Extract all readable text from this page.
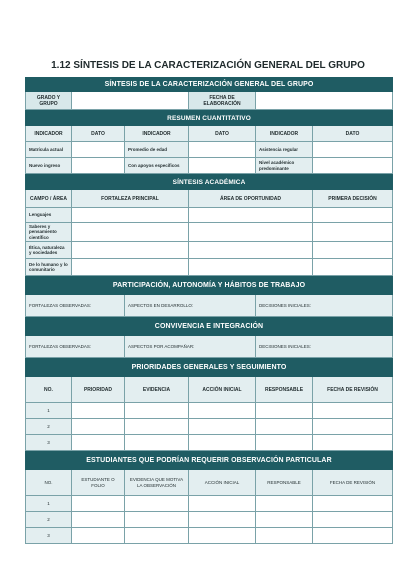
1.12 SÍNTESIS DE LA CARACTERIZACIÓN GENERAL DEL GRUPO
SÍNTESIS DE LA CARACTERIZACIÓN GENERAL DEL GRUPO
GRADO Y GRUPO		FECHA DE ELABORACIÓN	
RESUMEN CUANTITATIVO					
INDICADOR	DATO	INDICADOR	DATO	INDICADOR	DATO
Matrícula actual		Promedio de edad		Asistencia regular	
Nuevo ingreso		Con apoyos específicos		Nivel académico predominante	
SÍNTESIS ACADÉMICA			
CAMPO / ÁREA	FORTALEZA PRINCIPAL	ÁREA DE OPORTUNIDAD	PRIMERA DECISIÓN
Lenguajes			
Saberes y pensamiento científico			
Ética, naturaleza y sociedades			
De lo humano y lo comunitario			
PARTICIPACIÓN, AUTONOMÍA Y HÁBITOS DE TRABAJO
FORTALEZAS OBSERVADAS:	ASPECTOS EN DESARROLLO:	DECISIONES INICIALES:
CONVIVENCIA E INTEGRACIÓN
FORTALEZAS OBSERVADAS:	ASPECTOS POR ACOMPAÑAR:	DECISIONES INICIALES:
PRIORIDADES GENERALES Y SEGUIMIENTO					
NO.	PRIORIDAD	EVIDENCIA	ACCIÓN INICIAL	RESPONSABLE	FECHA DE REVISIÓN
1					
2					
3					
ESTUDIANTES QUE PODRÍAN REQUERIR OBSERVACIÓN PARTICULAR					
NO.	ESTUDIANTE O FOLIO	EVIDENCIA QUE MOTIVA LA OBSERVACIÓN	ACCIÓN INICIAL	RESPONSABLE	FECHA DE REVISIÓN
1					
2					
3					
